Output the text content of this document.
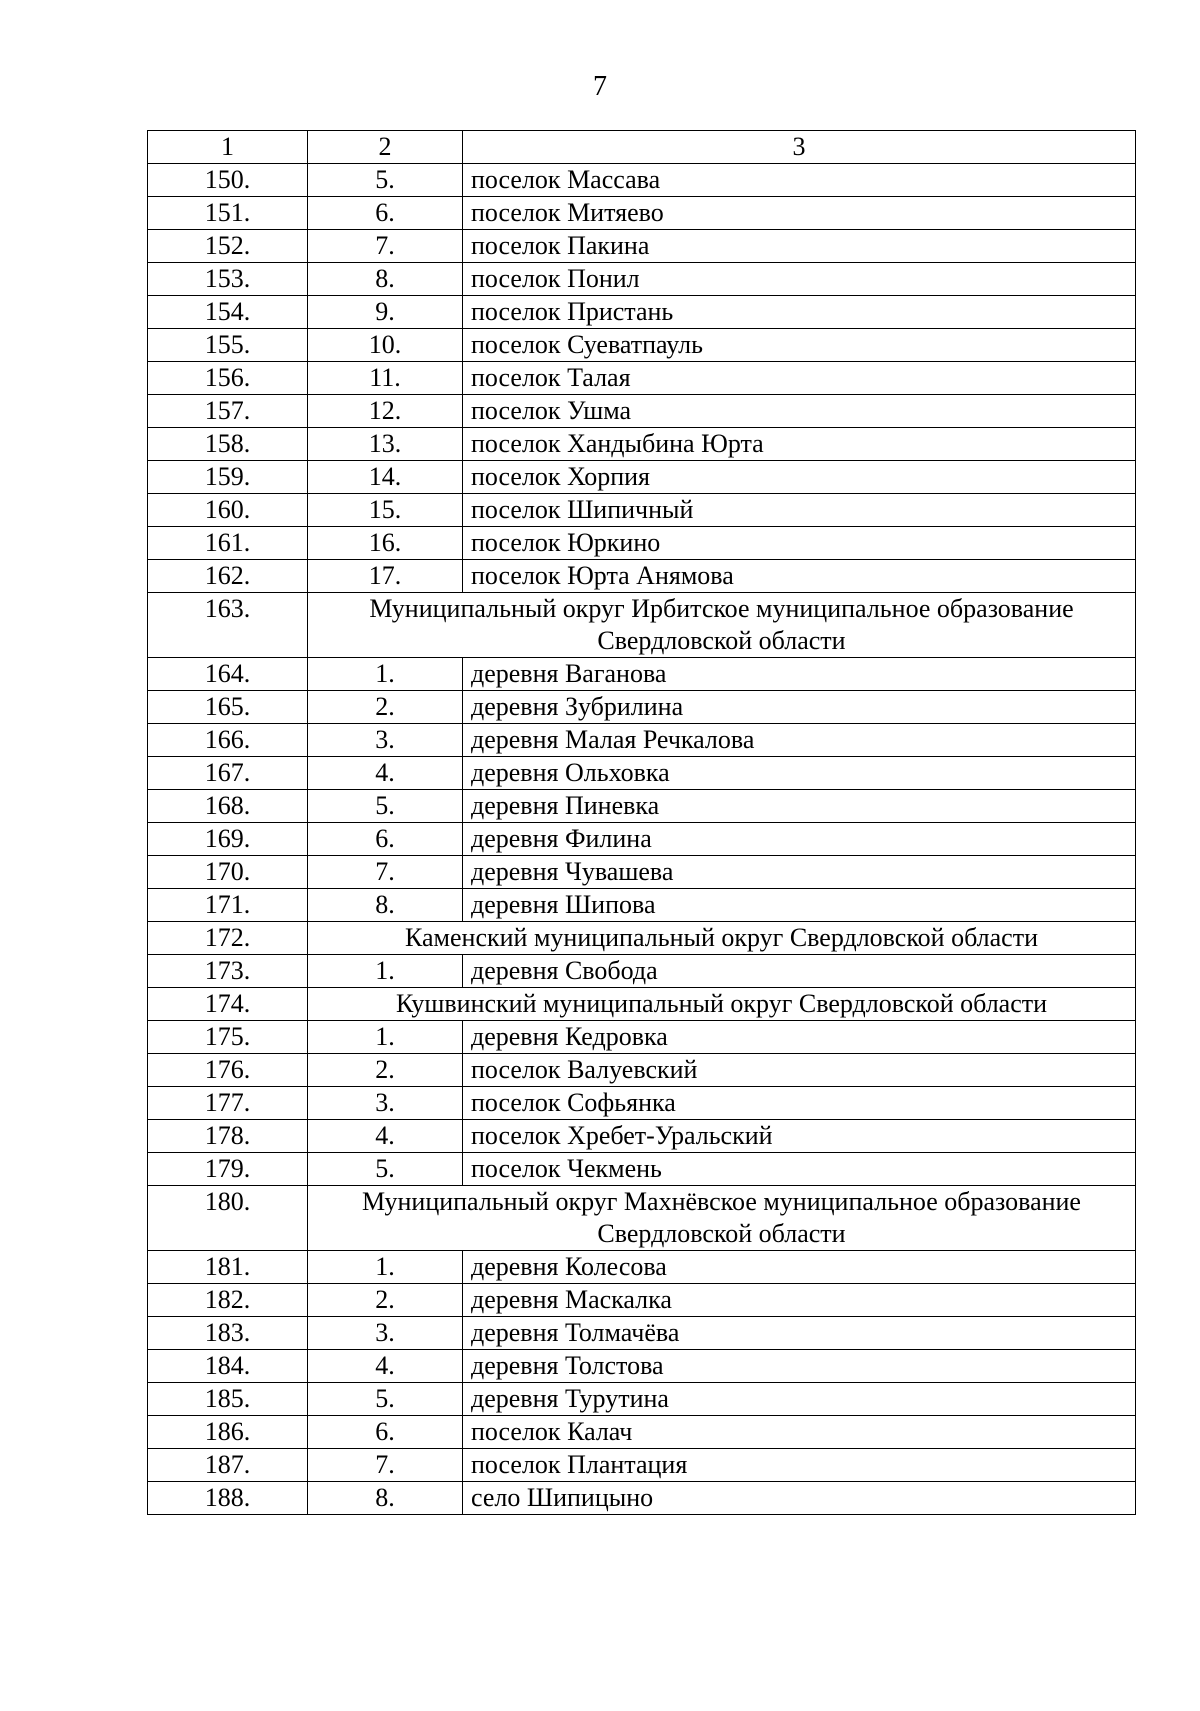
7
1	2	3
150.	5.	поселок Массава
151.	6.	поселок Митяево
152.	7.	поселок Пакина
153.	8.	поселок Понил
154.	9.	поселок Пристань
155.	10.	поселок Суеватпауль
156.	11.	поселок Талая
157.	12.	поселок Ушма
158.	13.	поселок Хандыбина Юрта
159.	14.	поселок Хорпия
160.	15.	поселок Шипичный
161.	16.	поселок Юркино
162.	17.	поселок Юрта Анямова
163.	Муниципальный округ Ирбитское муниципальное образование Свердловской области	
164.	1.	деревня Ваганова
165.	2.	деревня Зубрилина
166.	3.	деревня Малая Речкалова
167.	4.	деревня Ольховка
168.	5.	деревня Пиневка
169.	6.	деревня Филина
170.	7.	деревня Чувашева
171.	8.	деревня Шипова
172.	Каменский муниципальный округ Свердловской области	
173.	1.	деревня Свобода
174.	Кушвинский муниципальный округ Свердловской области	
175.	1.	деревня Кедровка
176.	2.	поселок Валуевский
177.	3.	поселок Софьянка
178.	4.	поселок Хребет-Уральский
179.	5.	поселок Чекмень
180.	Муниципальный округ Махнёвское муниципальное образование Свердловской области	
181.	1.	деревня Колесова
182.	2.	деревня Маскалка
183.	3.	деревня Толмачёва
184.	4.	деревня Толстова
185.	5.	деревня Турутина
186.	6.	поселок Калач
187.	7.	поселок Плантация
188.	8.	село Шипицыно
